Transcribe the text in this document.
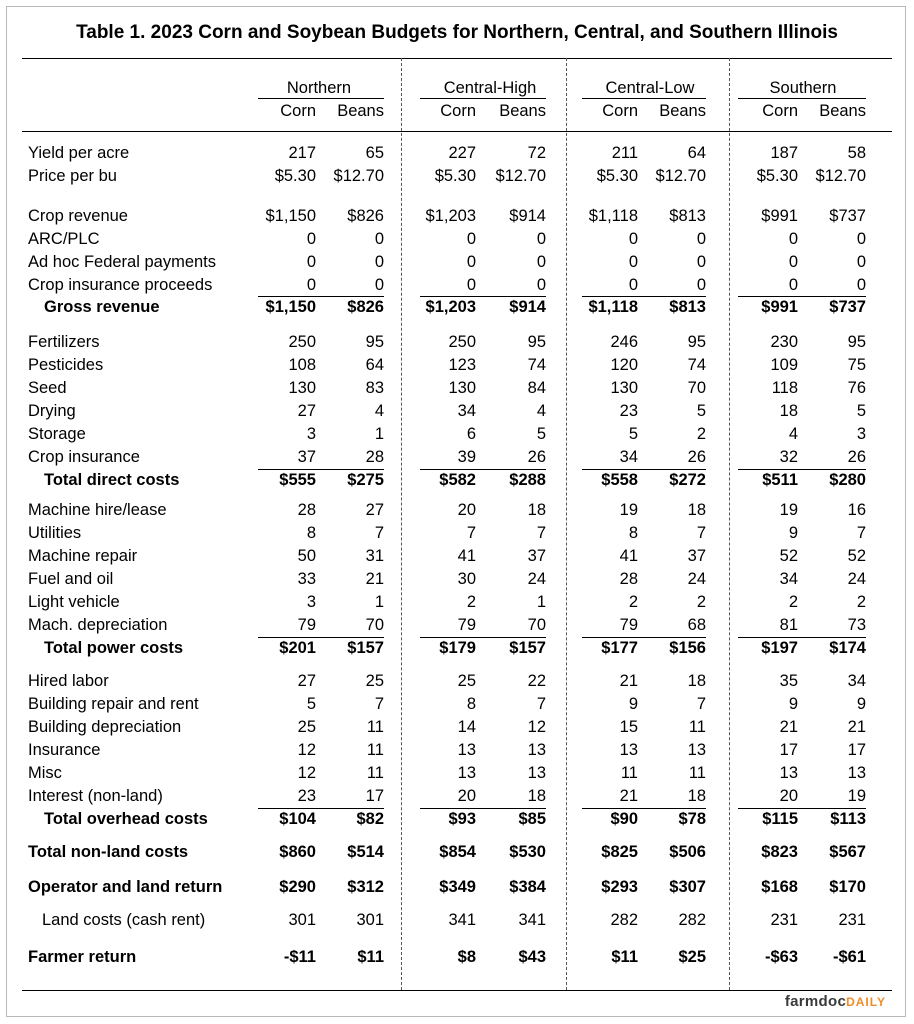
Table 1. 2023 Corn and Soybean Budgets for Northern, Central, and Southern Illinois
Northern
Corn	Beans
Central-High
Corn	Beans
Central-Low
Corn	Beans
Southern
Corn	Beans
Yield per acre	217	65	227	72	211	64	187	58
Price per bu	$5.30	$12.70	$5.30	$12.70	$5.30	$12.70	$5.30	$12.70
Crop revenue	$1,150	$826	$1,203	$914	$1,118	$813	$991	$737
ARC/PLC	0	0	0	0	0	0	0	0
Ad hoc Federal payments	0	0	0	0	0	0	0	0
Crop insurance proceeds	0	0	0	0	0	0	0	0
Gross revenue	$1,150	$826	$1,203	$914	$1,118	$813	$991	$737
Fertilizers	250	95	250	95	246	95	230	95
Pesticides	108	64	123	74	120	74	109	75
Seed	130	83	130	84	130	70	118	76
Drying	27	4	34	4	23	5	18	5
Storage	3	1	6	5	5	2	4	3
Crop insurance	37	28	39	26	34	26	32	26
Total direct costs	$555	$275	$582	$288	$558	$272	$511	$280
Machine hire/lease	28	27	20	18	19	18	19	16
Utilities	8	7	7	7	8	7	9	7
Machine repair	50	31	41	37	41	37	52	52
Fuel and oil	33	21	30	24	28	24	34	24
Light vehicle	3	1	2	1	2	2	2	2
Mach. depreciation	79	70	79	70	79	68	81	73
Total power costs	$201	$157	$179	$157	$177	$156	$197	$174
Hired labor	27	25	25	22	21	18	35	34
Building repair and rent	5	7	8	7	9	7	9	9
Building depreciation	25	11	14	12	15	11	21	21
Insurance	12	11	13	13	13	13	17	17
Misc	12	11	13	13	11	11	13	13
Interest (non-land)	23	17	20	18	21	18	20	19
Total overhead costs	$104	$82	$93	$85	$90	$78	$115	$113
Total non-land costs	$860	$514	$854	$530	$825	$506	$823	$567
Operator and land return	$290	$312	$349	$384	$293	$307	$168	$170
Land costs (cash rent)	301	301	341	341	282	282	231	231
Farmer return	-$11	$11	$8	$43	$11	$25	-$63	-$61
farmdocDAILY
